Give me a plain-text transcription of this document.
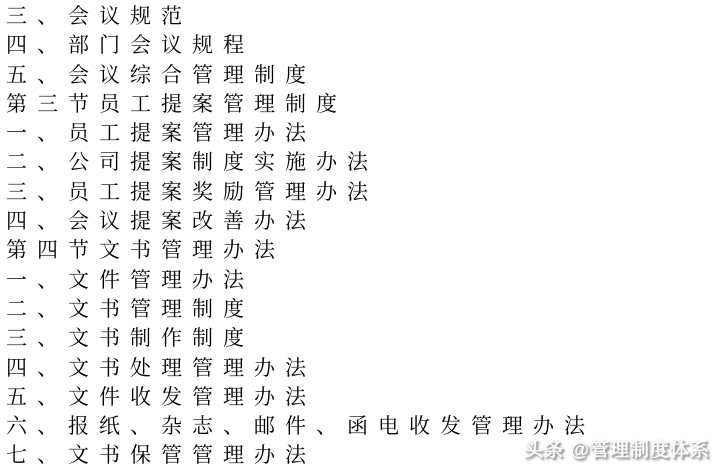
三、会议规范
四、部门会议规程
五、会议综合管理制度
第三节员工提案管理制度
一、员工提案管理办法
二、公司提案制度实施办法
三、员工提案奖励管理办法
四、会议提案改善办法
第四节文书管理办法
一、文件管理办法
二、文书管理制度
三、文书制作制度
四、文书处理管理办法
五、文件收发管理办法
六、报纸、杂志、邮件、函电收发管理办法
七、文书保管管理办法	头条 @管理制度体系
